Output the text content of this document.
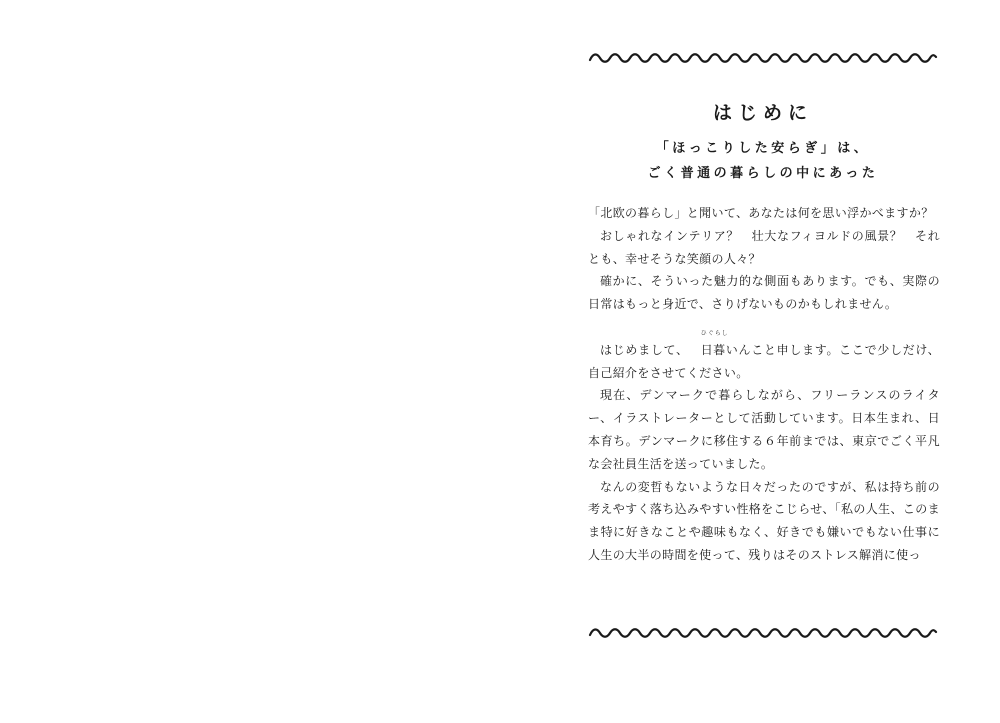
はじめに
「ほっこりした安らぎ」は、
ごく普通の暮らしの中にあった

「北欧の暮らし」と聞いて、あなたは何を思い浮かべますか？

おしゃれなインテリア？　壮大なフィヨルドの風景？　それとも、幸せそうな笑顔の人々？

確かに、そういった魅力的な側面もあります。でも、実際の日常はもっと身近で、さりげないものかもしれません。

はじめまして、
ひぐらし
日暮いんこと申します。ここで少しだけ、自己紹介をさせてください。

現在、デンマークで暮らしながら、フリーランスのライター、イラストレーターとして活動しています。日本生まれ、日本育ち。デンマークに移住する６年前までは、東京でごく平凡な会社員生活を送っていました。

なんの変哲もないような日々だったのですが、私は持ち前の考えやすく落ち込みやすい性格をこじらせ、「私の人生、このまま特に好きなことや趣味もなく、好きでも嫌いでもない仕事に人生の大半の時間を使って、残りはそのストレス解消に使っ
